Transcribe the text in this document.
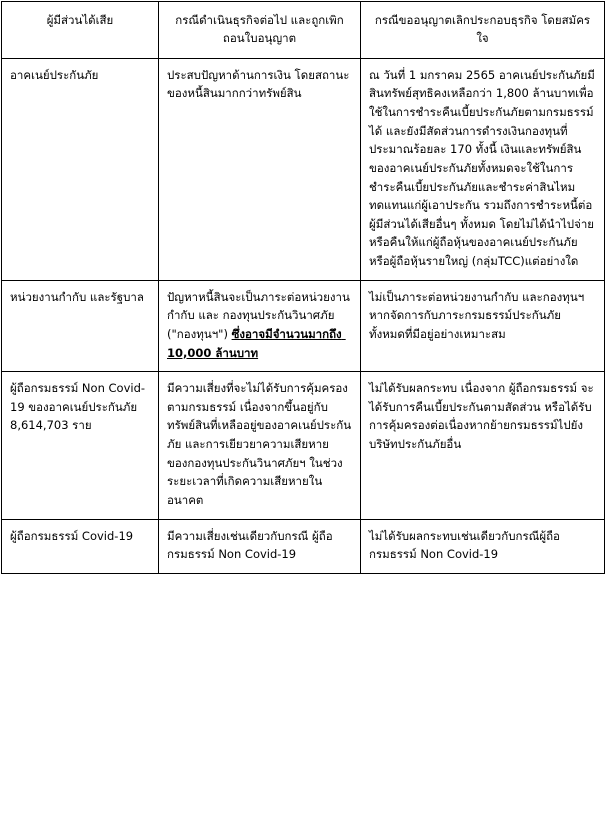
ผู้มีส่วนได้เสีย	กรณีดำเนินธุรกิจต่อไป และถูกเพิกถอนใบอนุญาต	กรณีขออนุญาตเลิกประกอบธุรกิจ โดยสมัครใจ

อาคเนย์ประกันภัย	ประสบปัญหาด้านการเงิน โดยสถานะของหนี้สินมากกว่าทรัพย์สิน	ณ วันที่ 1 มกราคม 2565 อาคเนย์ประกันภัยมีสินทรัพย์สุทธิคงเหลือกว่า 1,800 ล้านบาทเพื่อใช้ในการชำระคืนเบี้ยประกันภัยตามกรมธรรม์ได้ และยังมีสัดส่วนการดำรงเงินกองทุนที่ประมาณร้อยละ 170 ทั้งนี้ เงินและทรัพย์สินของอาคเนย์ประกันภัยทั้งหมดจะใช้ในการชำระคืนเบี้ยประกันภัยและชำระค่าสินไหมทดแทนแก่ผู้เอาประกัน รวมถึงการชำระหนี้ต่อผู้มีส่วนได้เสียอื่นๆ ทั้งหมด โดยไม่ได้นำไปจ่ายหรือคืนให้แก่ผู้ถือหุ้นของอาคเนย์ประกันภัยหรือผู้ถือหุ้นรายใหญ่ (กลุ่มTCC)แต่อย่างใด

หน่วยงานกำกับ และรัฐบาล	ปัญหาหนี้สินจะเป็นภาระต่อหน่วยงานกำกับ และ กองทุนประกันวินาศภัย ("กองทุนฯ") ซึ่งอาจมีจำนวนมากถึง 10,000 ล้านบาท	ไม่เป็นภาระต่อหน่วยงานกำกับ และกองทุนฯ หากจัดการกับภาระกรมธรรม์ประกันภัยทั้งหมดที่มีอยู่อย่างเหมาะสม

ผู้ถือกรมธรรม์ Non Covid-19 ของอาคเนย์ประกันภัย 8,614,703 ราย	มีความเสี่ยงที่จะไม่ได้รับการคุ้มครองตามกรมธรรม์ เนื่องจากขึ้นอยู่กับทรัพย์สินที่เหลืออยู่ของอาคเนย์ประกันภัย และการเยียวยาความเสียหายของกองทุนประกันวินาศภัยฯ ในช่วงระยะเวลาที่เกิดความเสียหายในอนาคต	ไม่ได้รับผลกระทบ เนื่องจาก ผู้ถือกรมธรรม์ จะได้รับการคืนเบี้ยประกันตามสัดส่วน หรือได้รับการคุ้มครองต่อเนื่องหากย้ายกรมธรรม์ไปยังบริษัทประกันภัยอื่น

ผู้ถือกรมธรรม์ Covid-19	มีความเสี่ยงเช่นเดียวกับกรณี ผู้ถือกรมธรรม์ Non Covid-19	ไม่ได้รับผลกระทบเช่นเดียวกับกรณีผู้ถือกรมธรรม์ Non Covid-19
